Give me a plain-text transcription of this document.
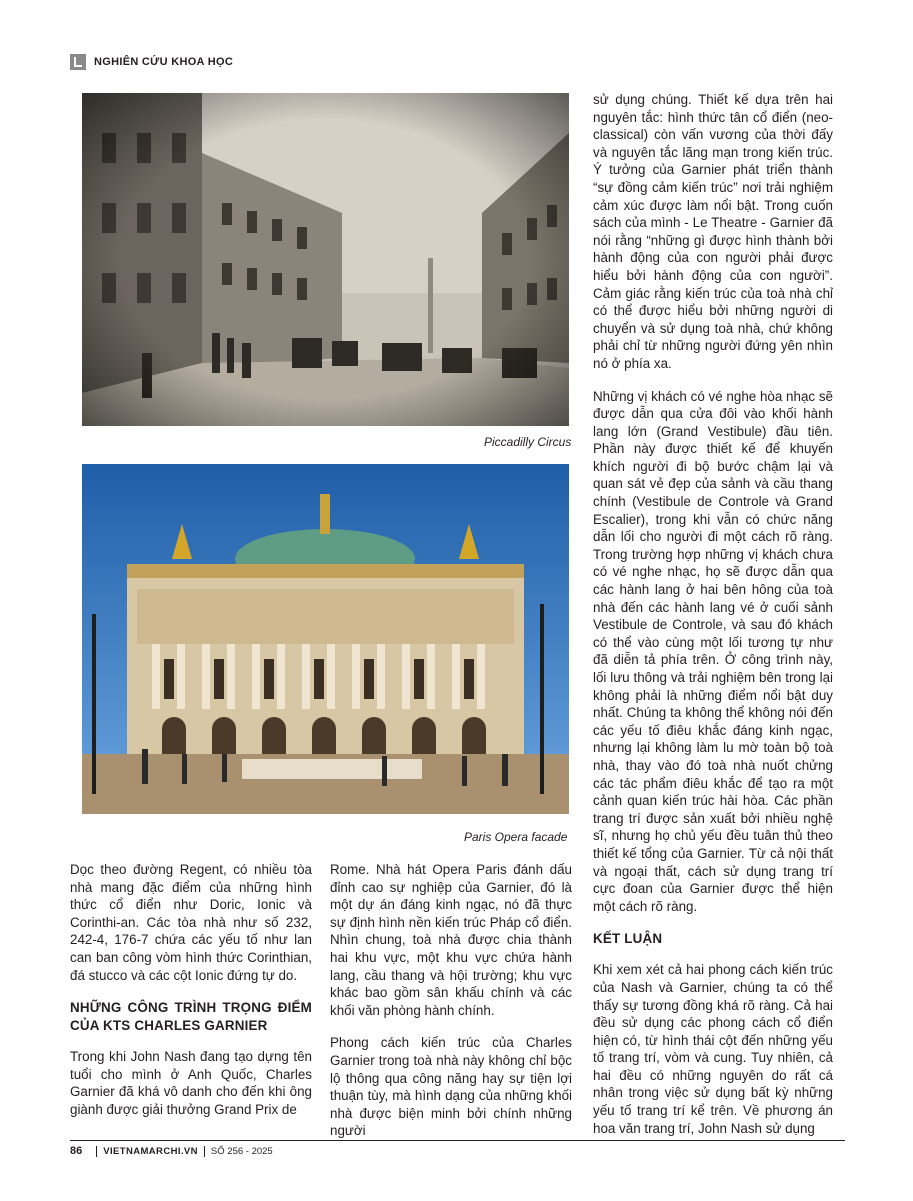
NGHIÊN CỨU KHOA HỌC
Piccadilly Circus
Paris Opera facade

sử dụng chúng. Thiết kế dựa trên hai nguyên tắc: hình thức tân cổ điển (neo-classical) còn vấn vương của thời đấy và nguyên tắc lãng mạn trong kiến trúc. Ý tưởng của Garnier phát triển thành “sự đồng cảm kiến trúc” nơi trải nghiệm cảm xúc được làm nổi bật. Trong cuốn sách của mình - Le Theatre - Garnier đã nói rằng “những gì được hình thành bởi hành động của con người phải được hiểu bởi hành động của con người”. Cảm giác rằng kiến trúc của toà nhà chỉ có thể được hiểu bởi những người di chuyển và sử dụng toà nhà, chứ không phải chỉ từ những người đứng yên nhìn nó ở phía xa.

Những vị khách có vé nghe hòa nhạc sẽ được dẫn qua cửa đôi vào khối hành lang lớn (Grand Vestibule) đầu tiên. Phần này được thiết kế để khuyến khích người đi bộ bước chậm lại và quan sát vẻ đẹp của sảnh và cầu thang chính (Vestibule de Controle và Grand Escalier), trong khi vẫn có chức năng dẫn lối cho người đi một cách rõ ràng. Trong trường hợp những vị khách chưa có vé nghe nhạc, họ sẽ được dẫn qua các hành lang ở hai bên hông của toà nhà đến các hành lang vé ở cuối sảnh Vestibule de Controle, và sau đó khách có thể vào cùng một lối tương tự như đã diễn tả phía trên. Ở công trình này, lối lưu thông và trải nghiệm bên trong lại không phải là những điểm nổi bật duy nhất. Chúng ta không thể không nói đến các yếu tố điêu khắc đáng kinh ngạc, nhưng lại không làm lu mờ toàn bộ toà nhà, thay vào đó toà nhà nuốt chửng các tác phẩm điêu khắc để tạo ra một cảnh quan kiến trúc hài hòa. Các phần trang trí được sản xuất bởi nhiều nghệ sĩ, nhưng họ chủ yếu đều tuân thủ theo thiết kế tổng của Garnier. Từ cả nội thất và ngoại thất, cách sử dụng trang trí cực đoan của Garnier được thể hiện một cách rõ ràng.

KẾT LUẬN

Khi xem xét cả hai phong cách kiến trúc của Nash và Garnier, chúng ta có thể thấy sự tương đồng khá rõ ràng. Cả hai đều sử dụng các phong cách cổ điển hiện có, từ hình thái cột đến những yếu tố trang trí, vòm và cung. Tuy nhiên, cả hai đều có những nguyên do rất cá nhân trong việc sử dụng bất kỳ những yếu tố trang trí kể trên. Về phương án hoa văn trang trí, John Nash sử dụng

Dọc theo đường Regent, có nhiều tòa nhà mang đặc điểm của những hình thức cổ điển như Doric, Ionic và Corinthi-an. Các tòa nhà như số 232, 242-4, 176-7 chứa các yếu tố như lan can ban công vòm hình thức Corinthian, đá stucco và các cột Ionic đứng tự do.

NHỮNG CÔNG TRÌNH TRỌNG ĐIỂM CỦA KTS CHARLES GARNIER

Trong khi John Nash đang tạo dựng tên tuổi cho mình ở Anh Quốc, Charles Garnier đã khá vô danh cho đến khi ông giành được giải thưởng Grand Prix de

Rome. Nhà hát Opera Paris đánh dấu đỉnh cao sự nghiệp của Garnier, đó là một dự án đáng kinh ngạc, nó đã thực sự định hình nền kiến trúc Pháp cổ điển. Nhìn chung, toà nhà được chia thành hai khu vực, một khu vực chứa hành lang, cầu thang và hội trường; khu vực khác bao gồm sân khấu chính và các khối văn phòng hành chính.

Phong cách kiến trúc của Charles Garnier trong toà nhà này không chỉ bộc lộ thông qua công năng hay sự tiện lợi thuận tùy, mà hình dạng của những khối nhà được biện minh bởi chính những người

86 VIETNAMARCHI.VN SỐ 256 - 2025
